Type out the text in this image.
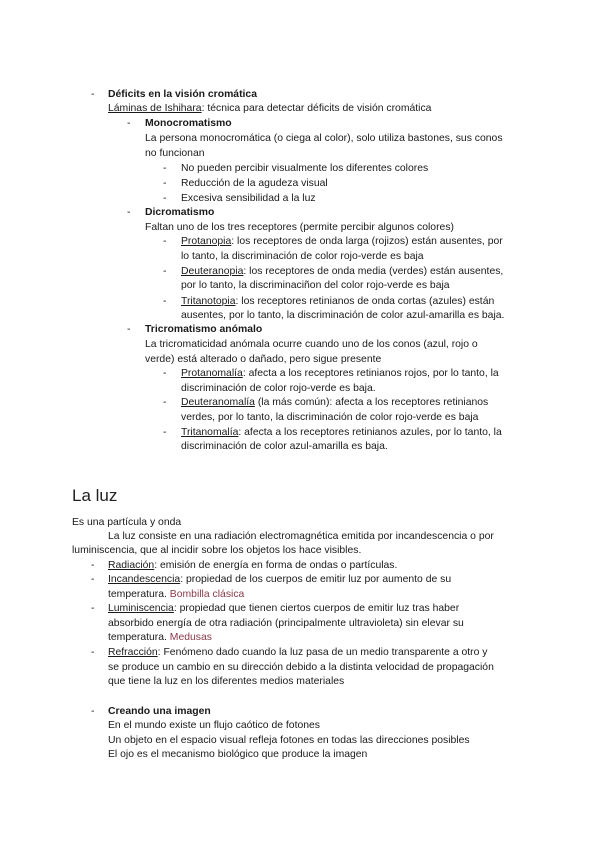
- Déficits en la visión cromática
Láminas de Ishihara: técnica para detectar déficits de visión cromática
- Monocromatismo
La persona monocromática (o ciega al color), solo utiliza bastones, sus conos
no funcionan
- No pueden percibir visualmente los diferentes colores
- Reducción de la agudeza visual
- Excesiva sensibilidad a la luz
- Dicromatismo
Faltan uno de los tres receptores (permite percibir algunos colores)
- Protanopia: los receptores de onda larga (rojizos) están ausentes, por
lo tanto, la discriminación de color rojo-verde es baja
- Deuteranopia: los receptores de onda media (verdes) están ausentes,
por lo tanto, la discriminaciñon del color rojo-verde es baja
- Tritanotopia: los receptores retinianos de onda cortas (azules) están
ausentes, por lo tanto, la discriminación de color azul-amarilla es baja.
- Tricromatismo anómalo
La tricromaticidad anómala ocurre cuando uno de los conos (azul, rojo o
verde) está alterado o dañado, pero sigue presente
- Protanomalía: afecta a los receptores retinianos rojos, por lo tanto, la
discriminación de color rojo-verde es baja.
- Deuteranomalía (la más común): afecta a los receptores retinianos
verdes, por lo tanto, la discriminación de color rojo-verde es baja
- Tritanomalía: afecta a los receptores retinianos azules, por lo tanto, la
discriminación de color azul-amarilla es baja.
La luz
Es una partícula y onda
La luz consiste en una radiación electromagnética emitida por incandescencia o por
luminiscencia, que al incidir sobre los objetos los hace visibles.
- Radiación: emisión de energía en forma de ondas o partículas.
- Incandescencia: propiedad de los cuerpos de emitir luz por aumento de su
temperatura. Bombilla clásica
- Luminiscencia: propiedad que tienen ciertos cuerpos de emitir luz tras haber
absorbido energía de otra radiación (principalmente ultravioleta) sin elevar su
temperatura. Medusas
- Refracción: Fenómeno dado cuando la luz pasa de un medio transparente a otro y
se produce un cambio en su dirección debido a la distinta velocidad de propagación
que tiene la luz en los diferentes medios materiales
- Creando una imagen
En el mundo existe un flujo caótico de fotones
Un objeto en el espacio visual refleja fotones en todas las direcciones posibles
El ojo es el mecanismo biológico que produce la imagen
